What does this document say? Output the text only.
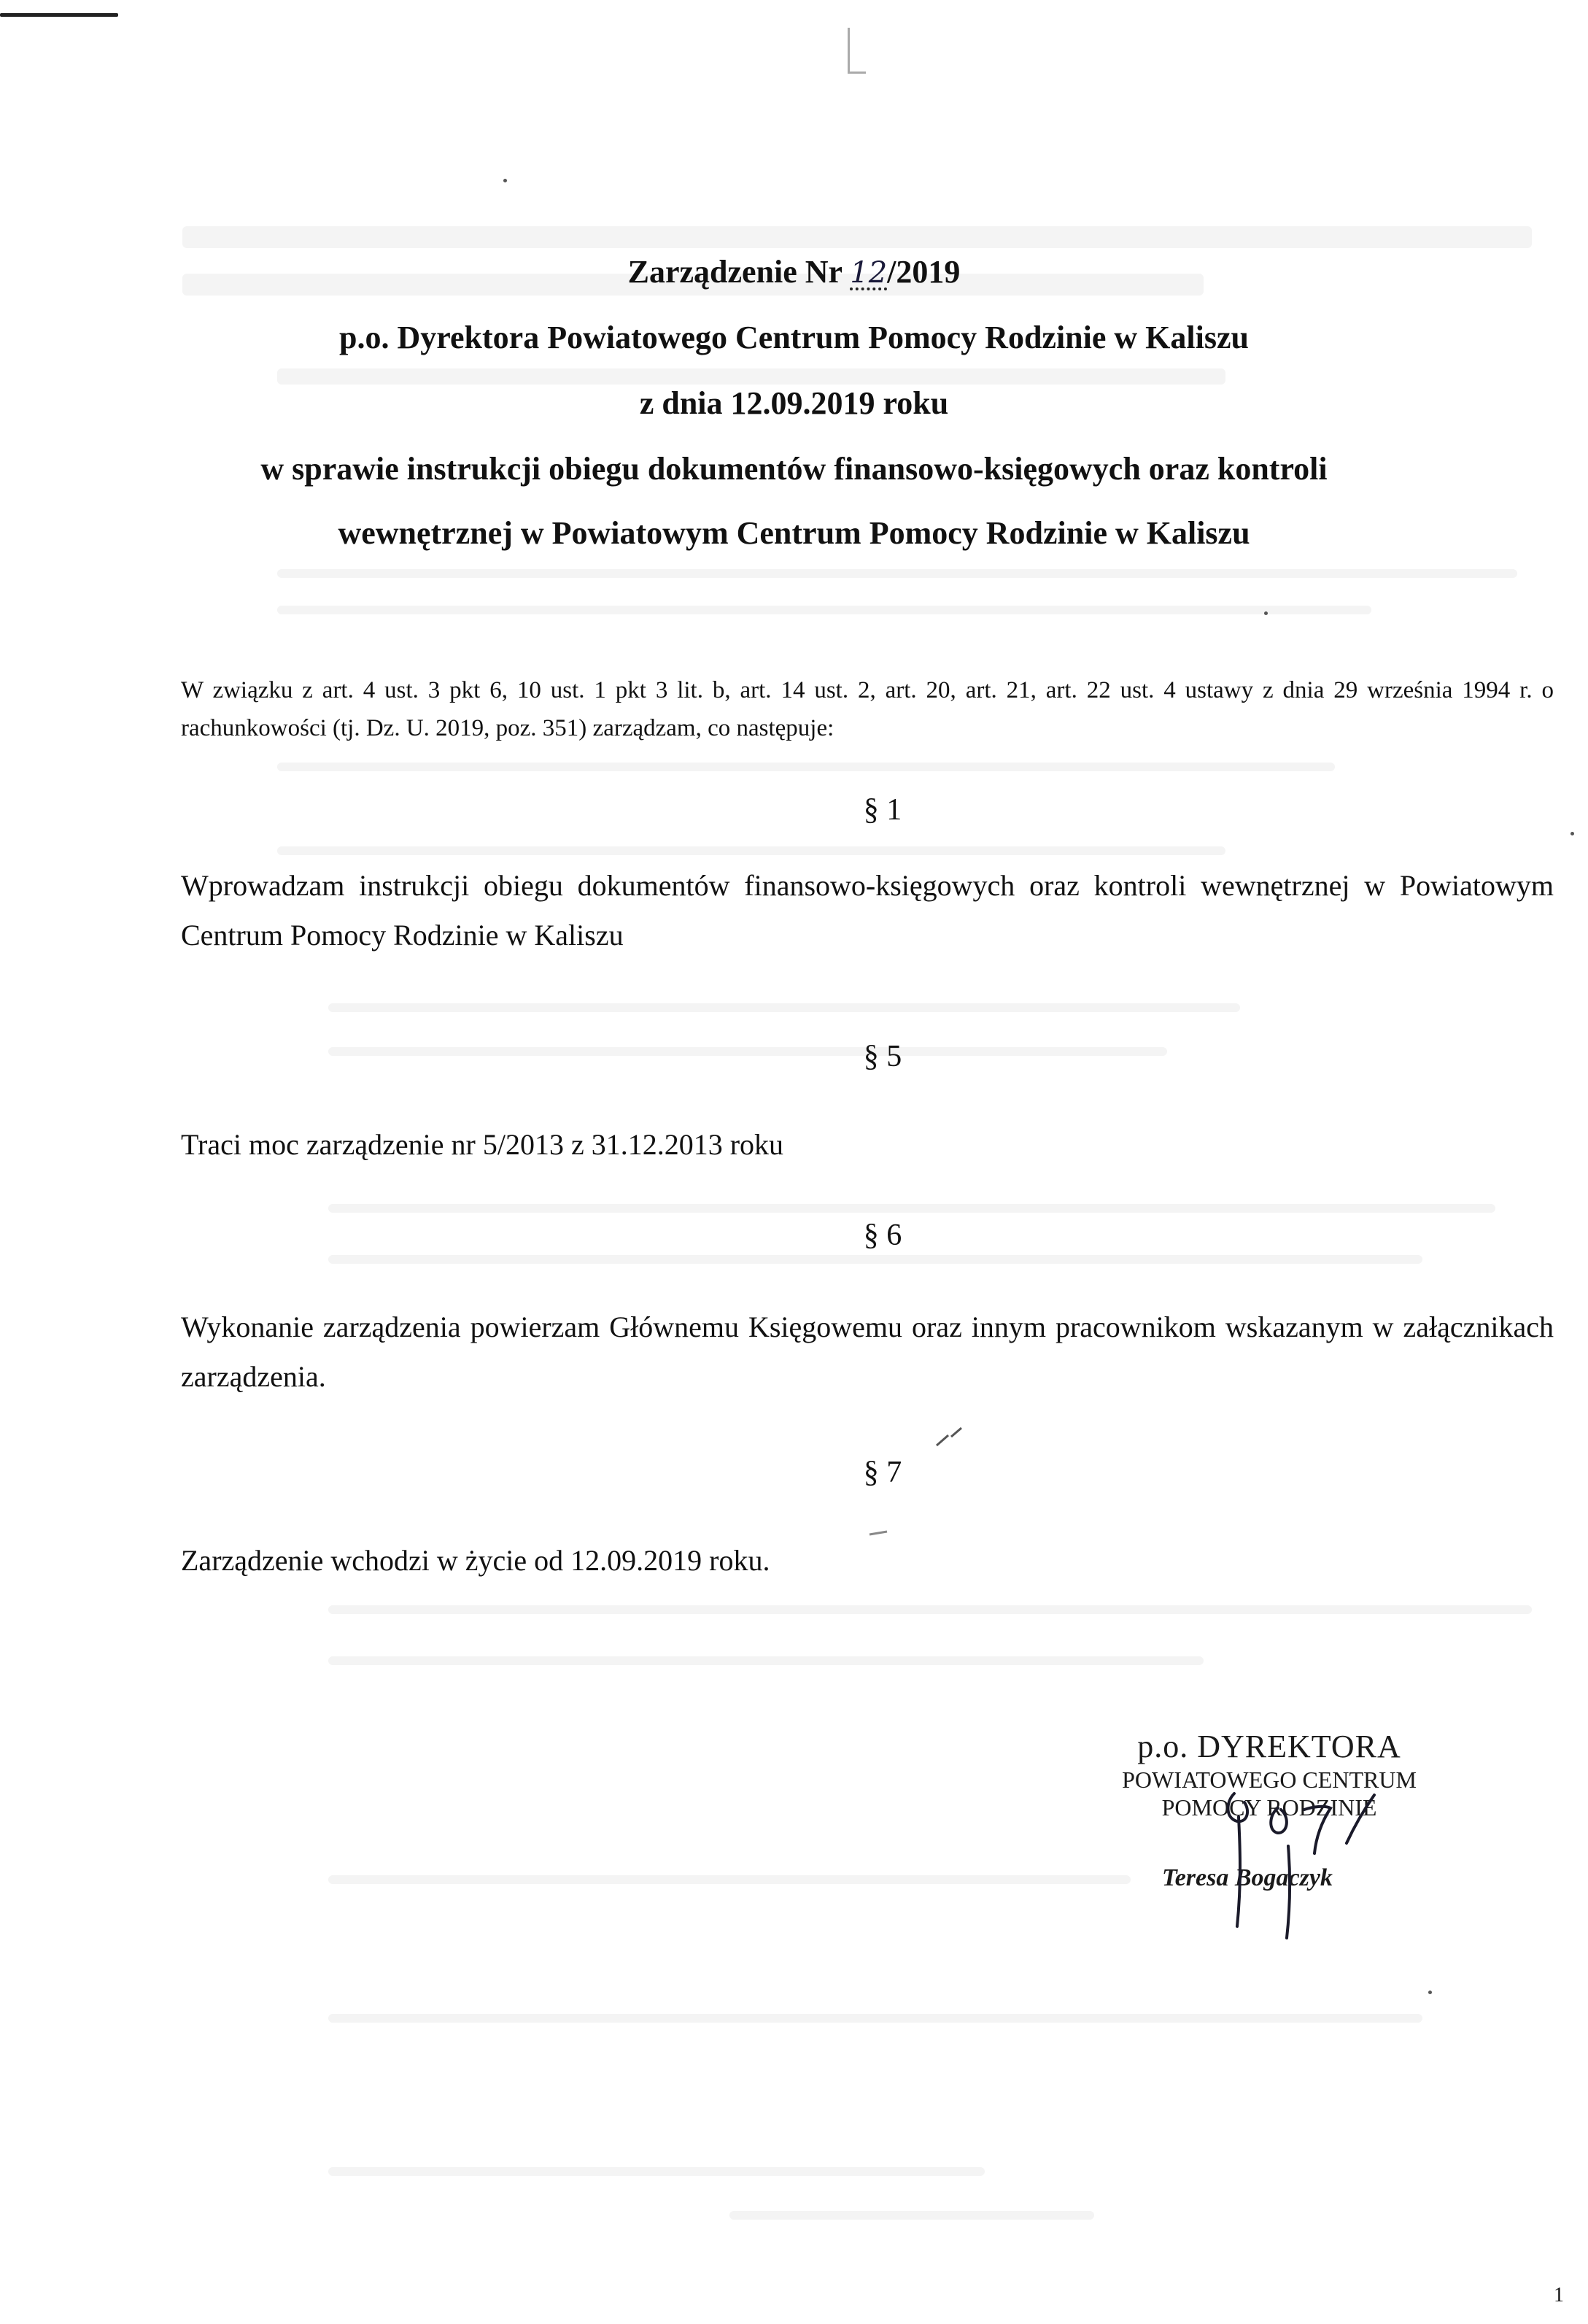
Zarządzenie Nr 12/2019
p.o. Dyrektora Powiatowego Centrum Pomocy Rodzinie w Kaliszu
z dnia 12.09.2019 roku
w sprawie instrukcji obiegu dokumentów finansowo-księgowych oraz kontroli
wewnętrznej w Powiatowym Centrum Pomocy Rodzinie w Kaliszu
W związku z art. 4 ust. 3 pkt 6, 10 ust. 1 pkt 3 lit. b, art. 14 ust. 2, art. 20, art. 21, art. 22 ust. 4 ustawy z dnia 29 września 1994 r. o rachunkowości (tj. Dz. U. 2019, poz. 351) zarządzam, co następuje:
§ 1
Wprowadzam instrukcji obiegu dokumentów finansowo-księgowych oraz kontroli wewnętrznej w Powiatowym Centrum Pomocy Rodzinie w Kaliszu
§ 5
Traci moc zarządzenie nr 5/2013 z 31.12.2013 roku
§ 6
Wykonanie zarządzenia powierzam Głównemu Księgowemu oraz innym pracownikom wskazanym w załącznikach zarządzenia.
§ 7
Zarządzenie wchodzi w życie od 12.09.2019 roku.
p.o. DYREKTORA
POWIATOWEGO CENTRUM
POMOCY RODZINIE
Teresa Bogaczyk
1
